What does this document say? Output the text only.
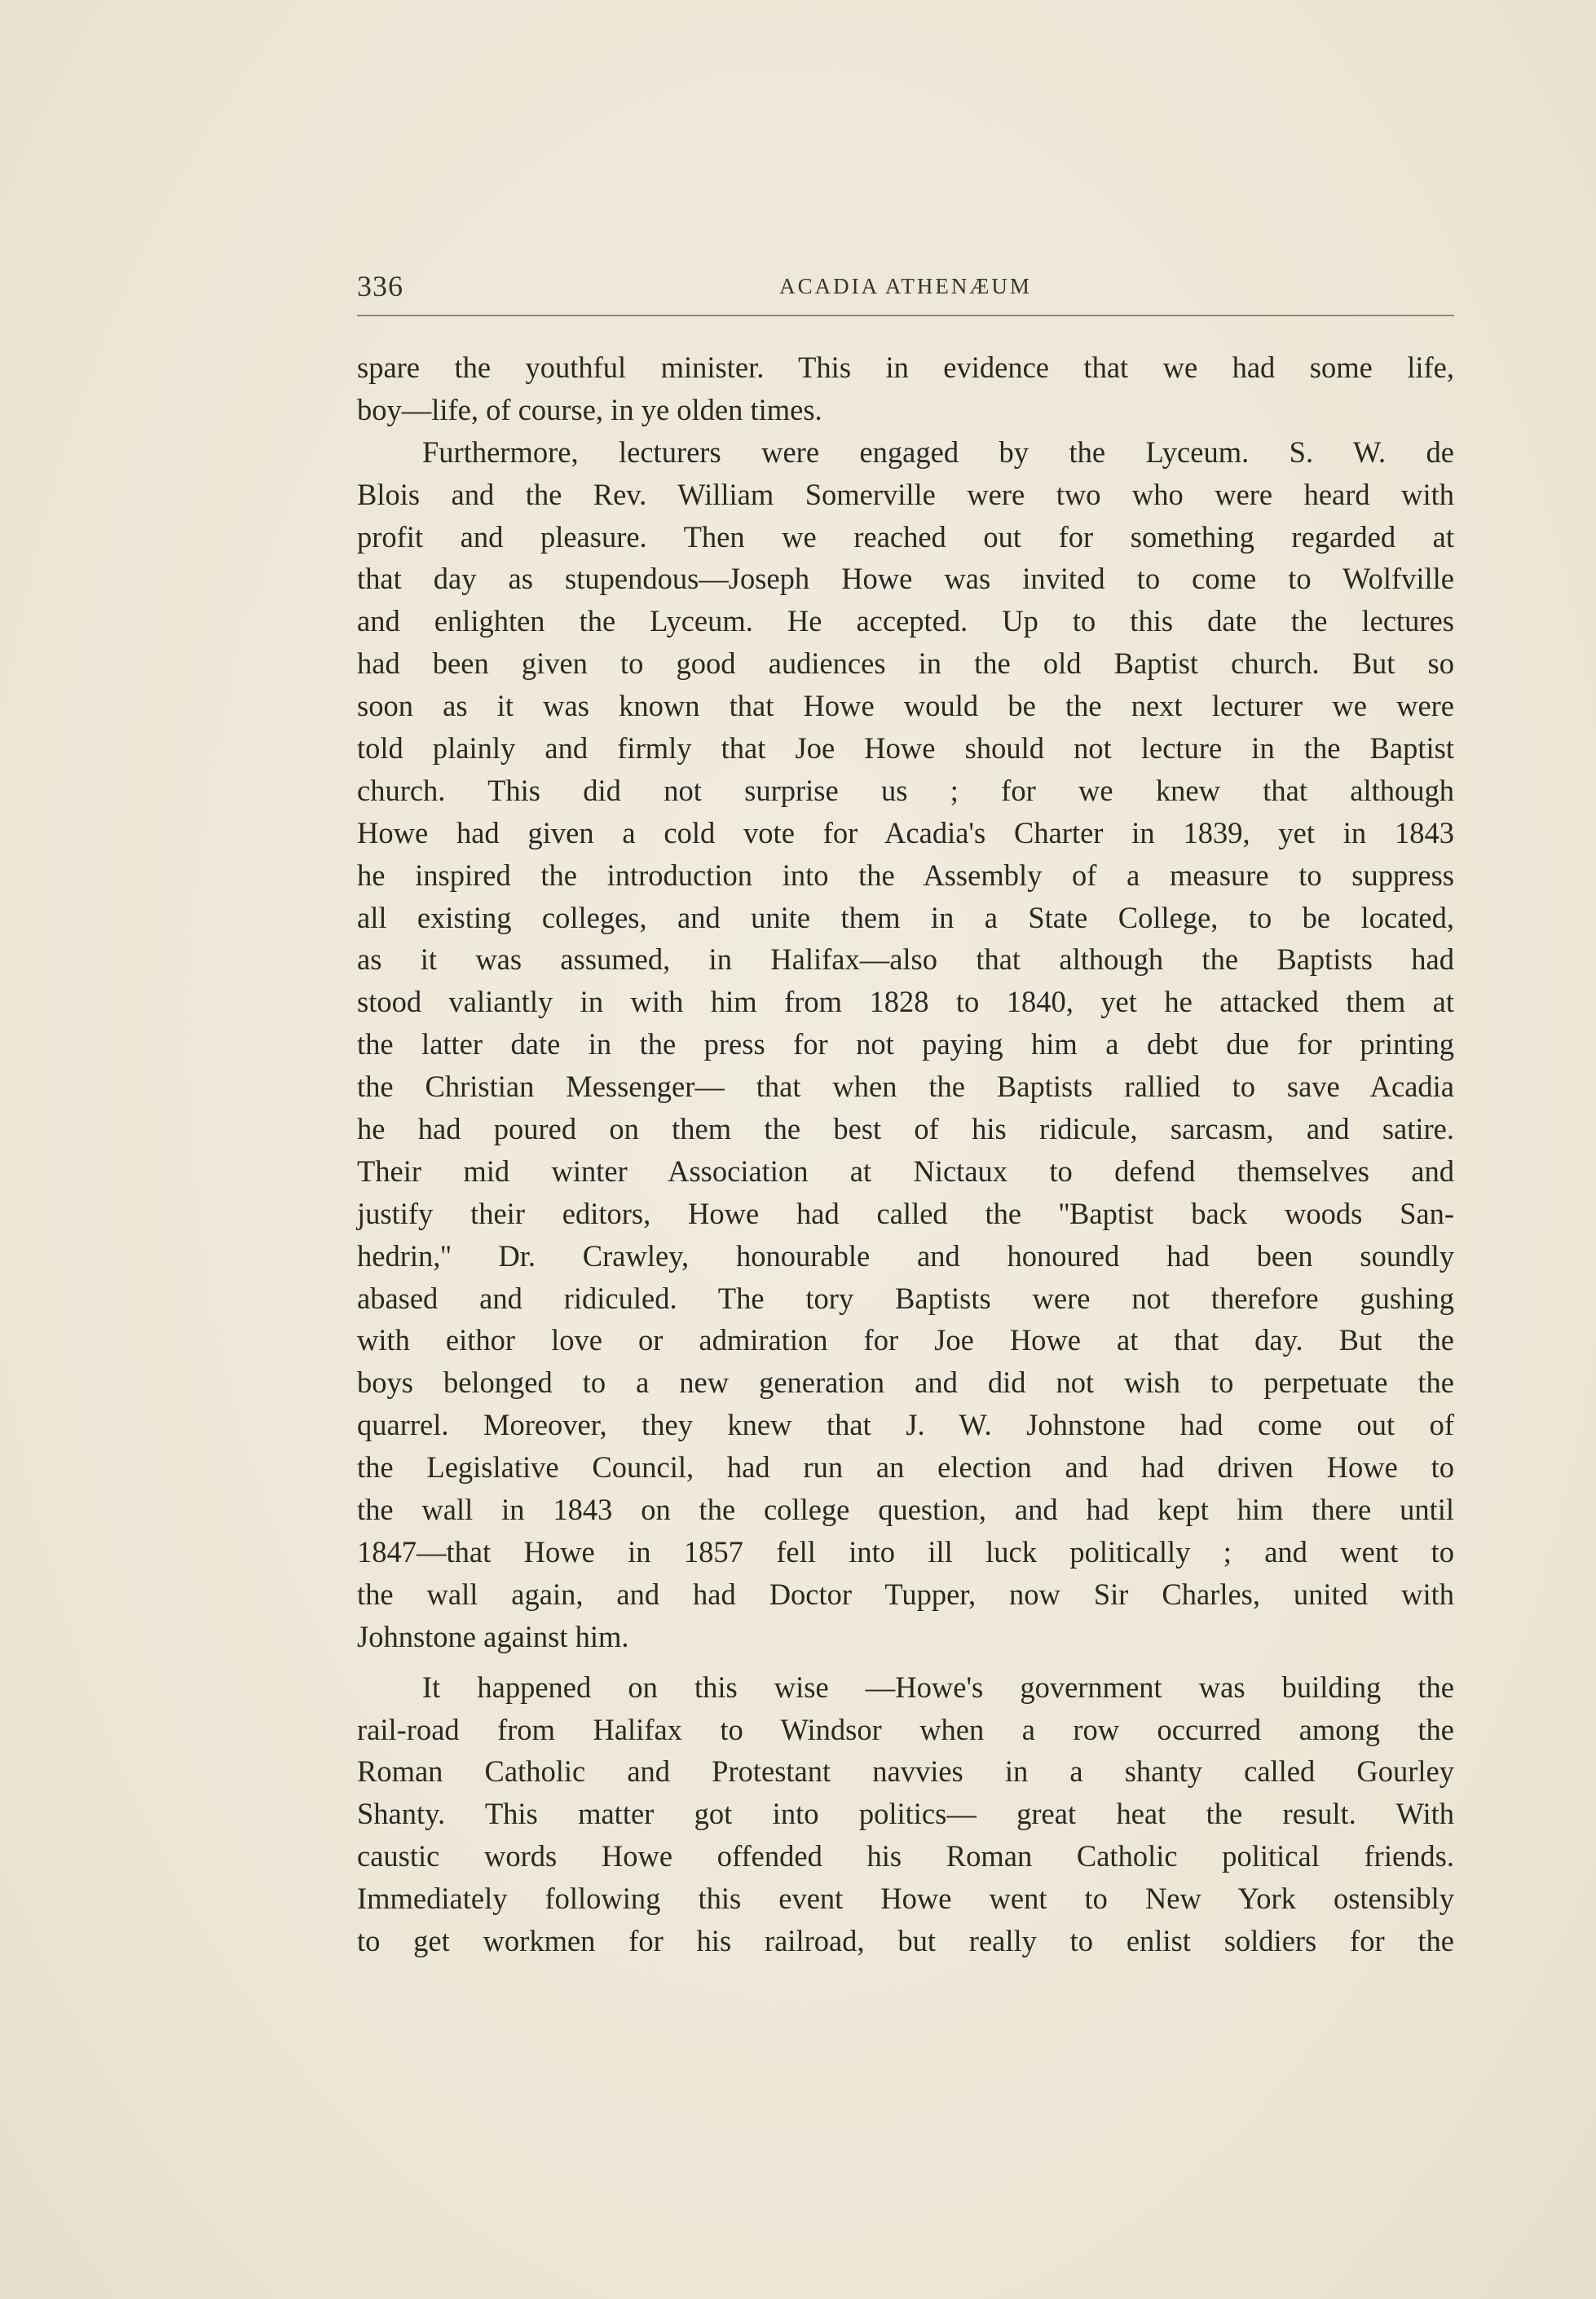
336	ACADIA ATHENÆUM
spare the youthful minister. This in evidence that we had some life,
boy—life, of course, in ye olden times.
Furthermore, lecturers were engaged by the Lyceum. S. W. de
Blois and the Rev. William Somerville were two who were heard with
profit and pleasure. Then we reached out for something regarded at
that day as stupendous—Joseph Howe was invited to come to Wolfville
and enlighten the Lyceum. He accepted. Up to this date the lectures
had been given to good audiences in the old Baptist church. But so
soon as it was known that Howe would be the next lecturer we were
told plainly and firmly that Joe Howe should not lecture in the Baptist
church. This did not surprise us ; for we knew that although
Howe had given a cold vote for Acadia's Charter in 1839, yet in 1843
he inspired the introduction into the Assembly of a measure to suppress
all existing colleges, and unite them in a State College, to be located,
as it was assumed, in Halifax—also that although the Baptists had
stood valiantly in with him from 1828 to 1840, yet he attacked them at
the latter date in the press for not paying him a debt due for printing
the Christian Messenger— that when the Baptists rallied to save Acadia
he had poured on them the best of his ridicule, sarcasm, and satire.
Their mid winter Association at Nictaux to defend themselves and
justify their editors, Howe had called the ''Baptist back woods San-
hedrin,'' Dr. Crawley, honourable and honoured had been soundly
abased and ridiculed. The tory Baptists were not therefore gushing
with eithor love or admiration for Joe Howe at that day. But the
boys belonged to a new generation and did not wish to perpetuate the
quarrel. Moreover, they knew that J. W. Johnstone had come out of
the Legislative Council, had run an election and had driven Howe to
the wall in 1843 on the college question, and had kept him there until
1847—that Howe in 1857 fell into ill luck politically ; and went to
the wall again, and had Doctor Tupper, now Sir Charles, united with
Johnstone against him.
It happened on this wise —Howe's government was building the
rail-road from Halifax to Windsor when a row occurred among the
Roman Catholic and Protestant navvies in a shanty called Gourley
Shanty. This matter got into politics— great heat the result. With
caustic words Howe offended his Roman Catholic political friends.
Immediately following this event Howe went to New York ostensibly
to get workmen for his railroad, but really to enlist soldiers for the
